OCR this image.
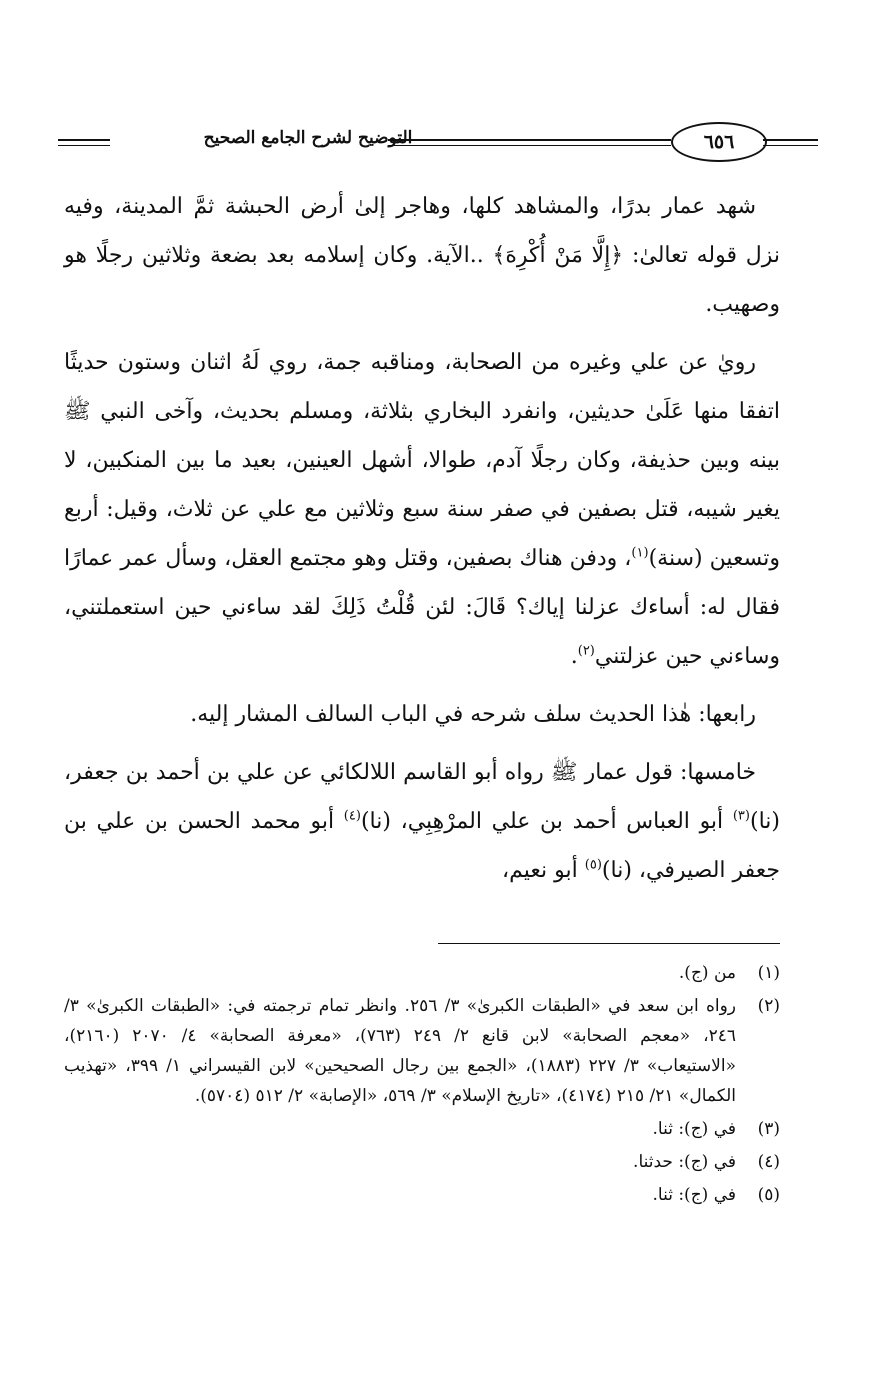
التوضيح لشرح الجامع الصحيح	٦٥٦

شهد عمار بدرًا، والمشاهد كلها، وهاجر إلىٰ أرض الحبشة ثمَّ المدينة، وفيه نزل قوله تعالىٰ: ﴿إِلَّا مَنْ أُكْرِهَ﴾ ..الآية. وكان إسلامه بعد بضعة وثلاثين رجلًا هو وصهيب.

رويٰ عن علي وغيره من الصحابة، ومناقبه جمة، روي لَهُ اثنان وستون حديثًا اتفقا منها عَلَىٰ حديثين، وانفرد البخاري بثلاثة، ومسلم بحديث، وآخى النبي ﷺ بينه وبين حذيفة، وكان رجلًا آدم، طوالا، أشهل العينين، بعيد ما بين المنكبين، لا يغير شيبه، قتل بصفين في صفر سنة سبع وثلاثين مع علي عن ثلاث، وقيل: أربع وتسعين (سنة)$^{(١)}$، ودفن هناك بصفين، وقتل وهو مجتمع العقل، وسأل عمر عمارًا فقال له: أساءك عزلنا إياك؟ قَالَ: لئن قُلْتُ ذَلِكَ لقد ساءني حين استعملتني، وساءني حين عزلتني$^{(٢)}$.

رابعها: هٰذا الحديث سلف شرحه في الباب السالف المشار إليه.

خامسها: قول عمار ﷺ رواه أبو القاسم اللالكائي عن علي بن أحمد بن جعفر، (نا)$^{(٣)}$ أبو العباس أحمد بن علي المرْهِبِي، (نا)$^{(٤)}$ أبو محمد الحسن بن علي بن جعفر الصيرفي، (نا)$^{(٥)}$ أبو نعيم،

(١)
من (ج).
(٢)
رواه ابن سعد في «الطبقات الكبرىٰ» ٣/ ٢٥٦. وانظر تمام ترجمته في: «الطبقات الكبرىٰ» ٣/ ٢٤٦، «معجم الصحابة» لابن قانع ٢/ ٢٤٩ (٧٦٣)، «معرفة الصحابة» ٤/ ٢٠٧٠ (٢١٦٠)، «الاستيعاب» ٣/ ٢٢٧ (١٨٨٣)، «الجمع بين رجال الصحيحين» لابن القيسراني ١/ ٣٩٩، «تهذيب الكمال» ٢١/ ٢١٥ (٤١٧٤)، «تاريخ الإسلام» ٣/ ٥٦٩، «الإصابة» ٢/ ٥١٢ (٥٧٠٤).
(٣)
في (ج): ثنا.
(٤)
في (ج): حدثنا.
(٥)
في (ج): ثنا.
